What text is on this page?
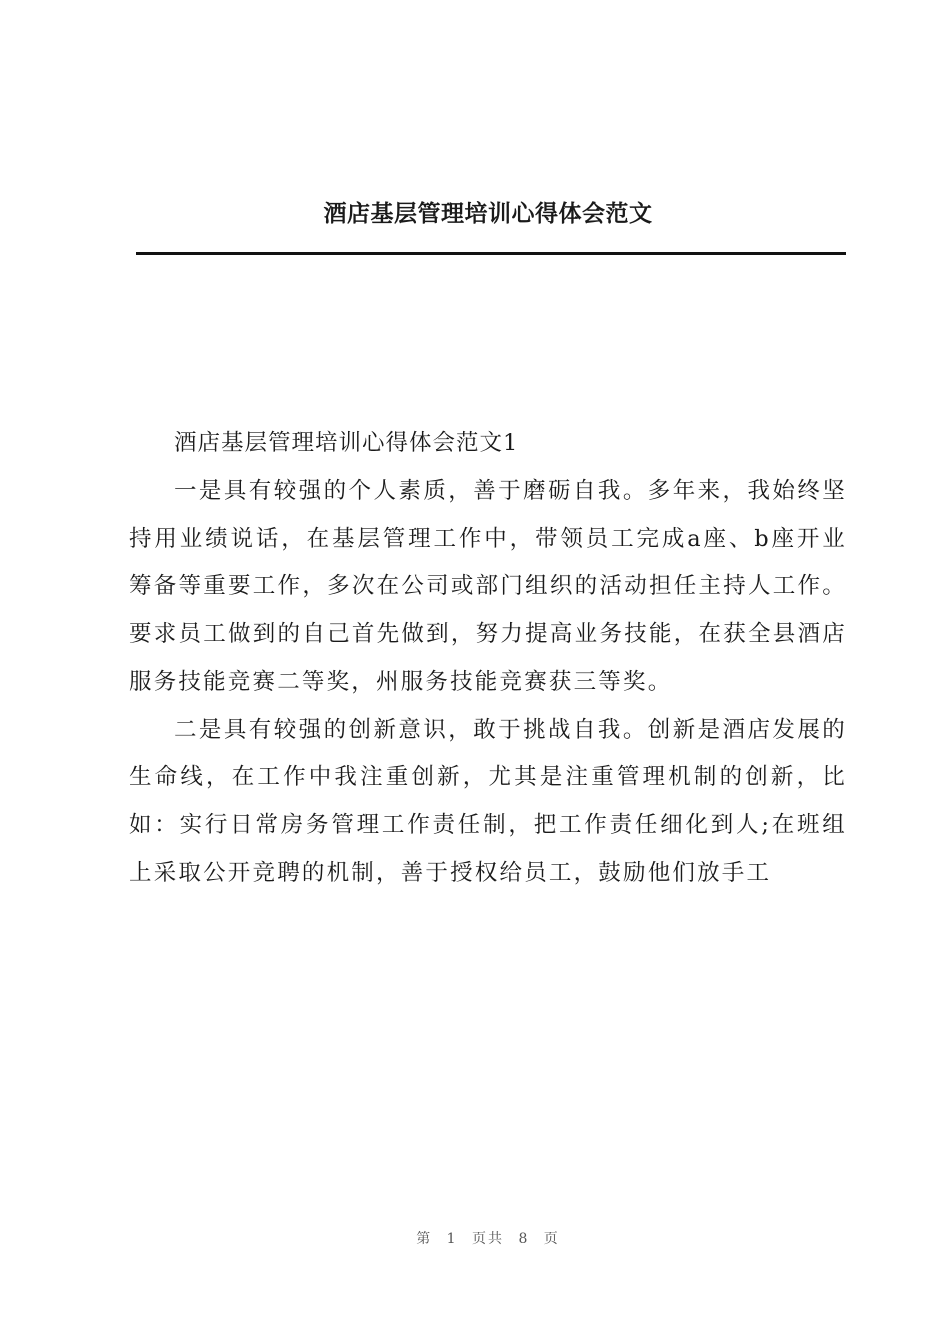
酒店基层管理培训心得体会范文

酒店基层管理培训心得体会范文1

一是具有较强的个人素质，善于磨砺自我。多年来，我始终坚持用业绩说话，在基层管理工作中，带领员工完成a座、b座开业筹备等重要工作，多次在公司或部门组织的活动担任主持人工作。要求员工做到的自己首先做到，努力提高业务技能，在获全县酒店服务技能竞赛二等奖，州服务技能竞赛获三等奖。

二是具有较强的创新意识，敢于挑战自我。创新是酒店发展的生命线，在工作中我注重创新，尤其是注重管理机制的创新，比如：实行日常房务管理工作责任制，把工作责任细化到人;在班组上采取公开竞聘的机制，善于授权给员工，鼓励他们放手工

第 1 页共 8 页
